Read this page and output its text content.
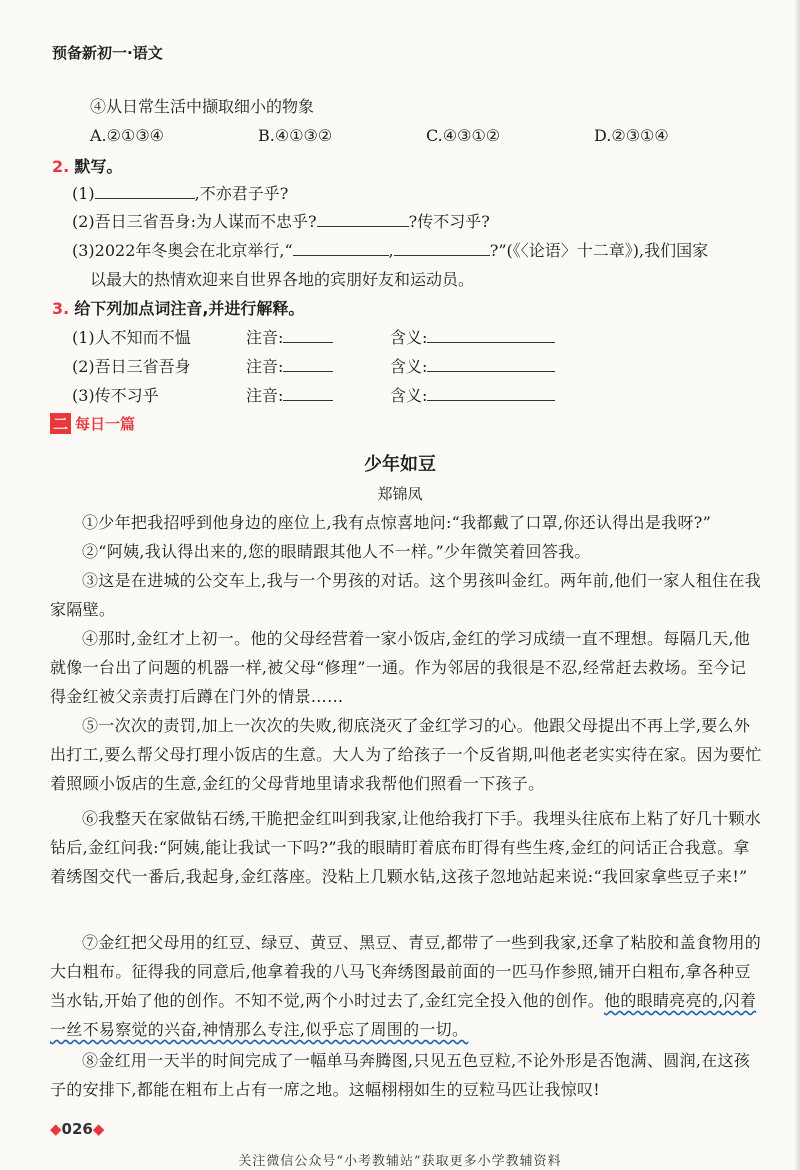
预备新初一·语文
④从日常生活中撷取细小的物象
A.②①③④	B.④①③②	C.④③①②	D.②③①④
2. 默写。
(1)	,不亦君子乎?
(2)吾日三省吾身:为人谋而不忠乎?	?传不习乎?
(3)2022年冬奥会在北京举行,“	,	?”(《〈论语〉十二章》),我们国家
以最大的热情欢迎来自世界各地的宾朋好友和运动员。
3. 给下列加点词注音,并进行解释。
(1)人不知而不愠	注音:	含义:
(2)吾日三省吾身	注音:	含义:
(3)传不习乎	注音:	含义:
二 每日一篇
少年如豆
郑锦凤
①少年把我招呼到他身边的座位上,我有点惊喜地问:“我都戴了口罩,你还认得出是我呀?”
②“阿姨,我认得出来的,您的眼睛跟其他人不一样。”少年微笑着回答我。
③这是在进城的公交车上,我与一个男孩的对话。这个男孩叫金红。两年前,他们一家人租住在我家隔壁。
④那时,金红才上初一。他的父母经营着一家小饭店,金红的学习成绩一直不理想。每隔几天,他就像一台出了问题的机器一样,被父母“修理”一通。作为邻居的我很是不忍,经常赶去救场。至今记得金红被父亲责打后蹲在门外的情景……
⑤一次次的责罚,加上一次次的失败,彻底浇灭了金红学习的心。他跟父母提出不再上学,要么外出打工,要么帮父母打理小饭店的生意。大人为了给孩子一个反省期,叫他老老实实待在家。因为要忙着照顾小饭店的生意,金红的父母背地里请求我帮他们照看一下孩子。
⑥我整天在家做钻石绣,干脆把金红叫到我家,让他给我打下手。我埋头往底布上粘了好几十颗水钻后,金红问我:“阿姨,能让我试一下吗?”我的眼睛盯着底布盯得有些生疼,金红的问话正合我意。拿着绣图交代一番后,我起身,金红落座。没粘上几颗水钻,这孩子忽地站起来说:“我回家拿些豆子来!”
⑦金红把父母用的红豆、绿豆、黄豆、黑豆、青豆,都带了一些到我家,还拿了粘胶和盖食物用的大白粗布。征得我的同意后,他拿着我的八马飞奔绣图最前面的一匹马作参照,铺开白粗布,拿各种豆当水钻,开始了他的创作。不知不觉,两个小时过去了,金红完全投入他的创作。他的眼睛亮亮的,闪着一丝不易察觉的兴奋,神情那么专注,似乎忘了周围的一切。
⑧金红用一天半的时间完成了一幅单马奔腾图,只见五色豆粒,不论外形是否饱满、圆润,在这孩子的安排下,都能在粗布上占有一席之地。这幅栩栩如生的豆粒马匹让我惊叹!
◆026◆
关注微信公众号“小考教辅站”获取更多小学教辅资料
